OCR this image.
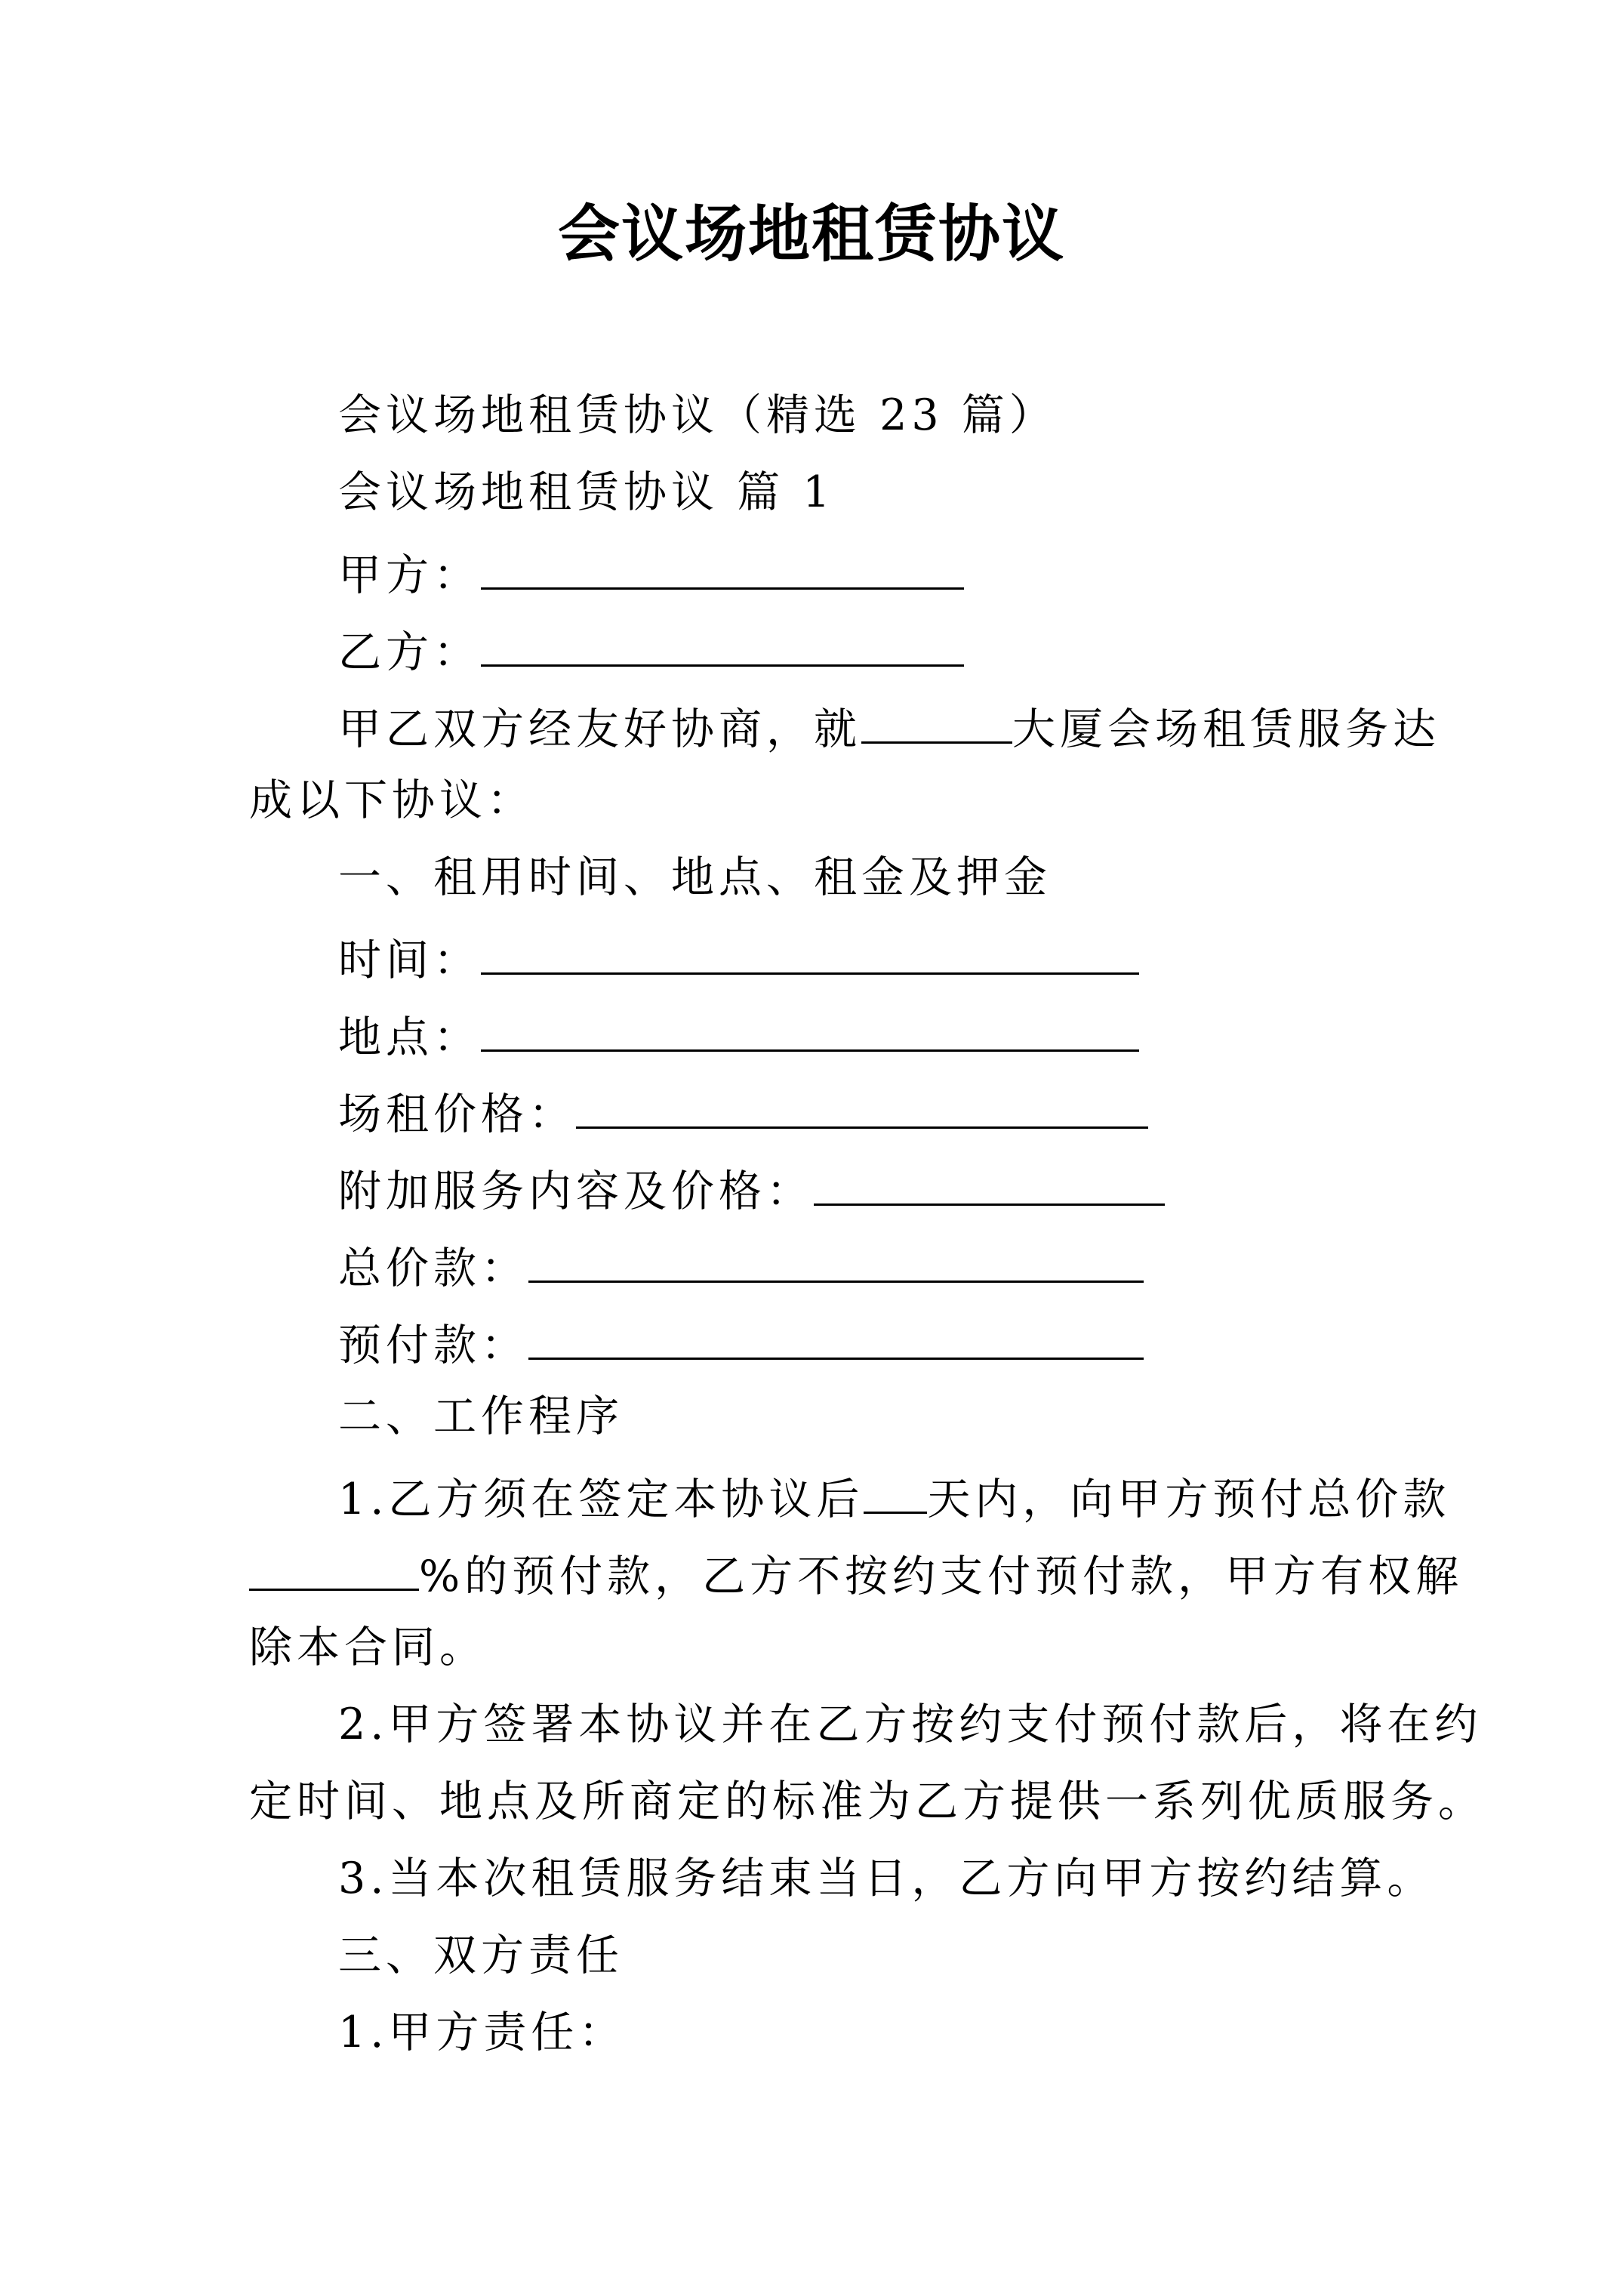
会议场地租赁协议
会议场地租赁协议（精选 23 篇）
会议场地租赁协议 篇 1
甲方：
乙方：
甲乙双方经友好协商，就	大厦会场租赁服务达
成以下协议：
一、租用时间、地点、租金及押金
时间：
地点：
场租价格：
附加服务内容及价格：
总价款：
预付款：
二、工作程序
1.乙方须在签定本协议后 天内，向甲方预付总价款
%的预付款，乙方不按约支付预付款，甲方有权解
除本合同。
2.甲方签署本协议并在乙方按约支付预付款后，将在约
定时间、地点及所商定的标准为乙方提供一系列优质服务。
3.当本次租赁服务结束当日，乙方向甲方按约结算。
三、双方责任
1.甲方责任：
